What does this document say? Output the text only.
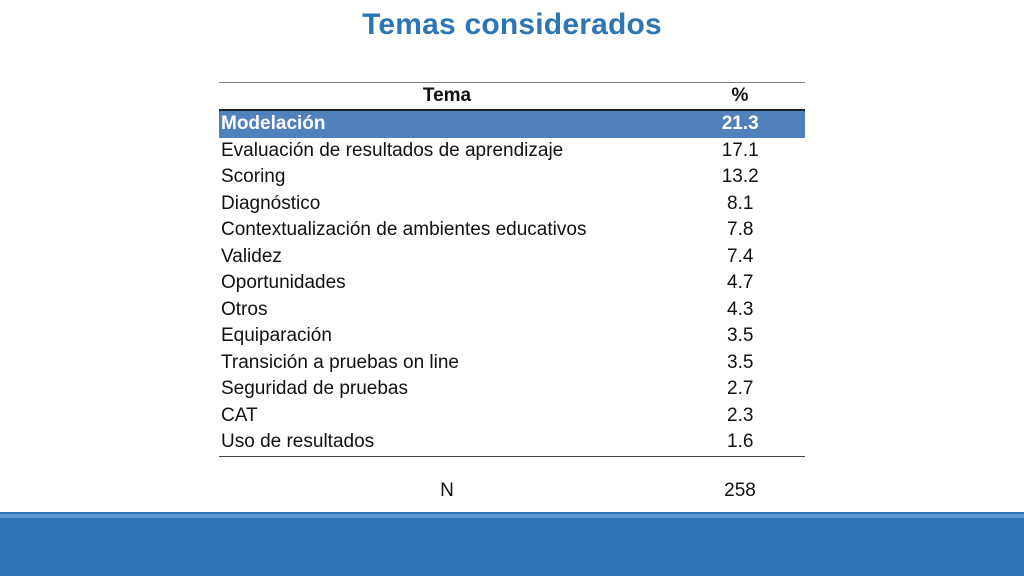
Temas considerados
Tema	%
Modelación	21.3
Evaluación de resultados de aprendizaje	17.1
Scoring	13.2
Diagnóstico	8.1
Contextualización de ambientes educativos	7.8
Validez	7.4
Oportunidades	4.7
Otros	4.3
Equiparación	3.5
Transición a pruebas on line	3.5
Seguridad de pruebas	2.7
CAT	2.3
Uso de resultados	1.6
N	258
